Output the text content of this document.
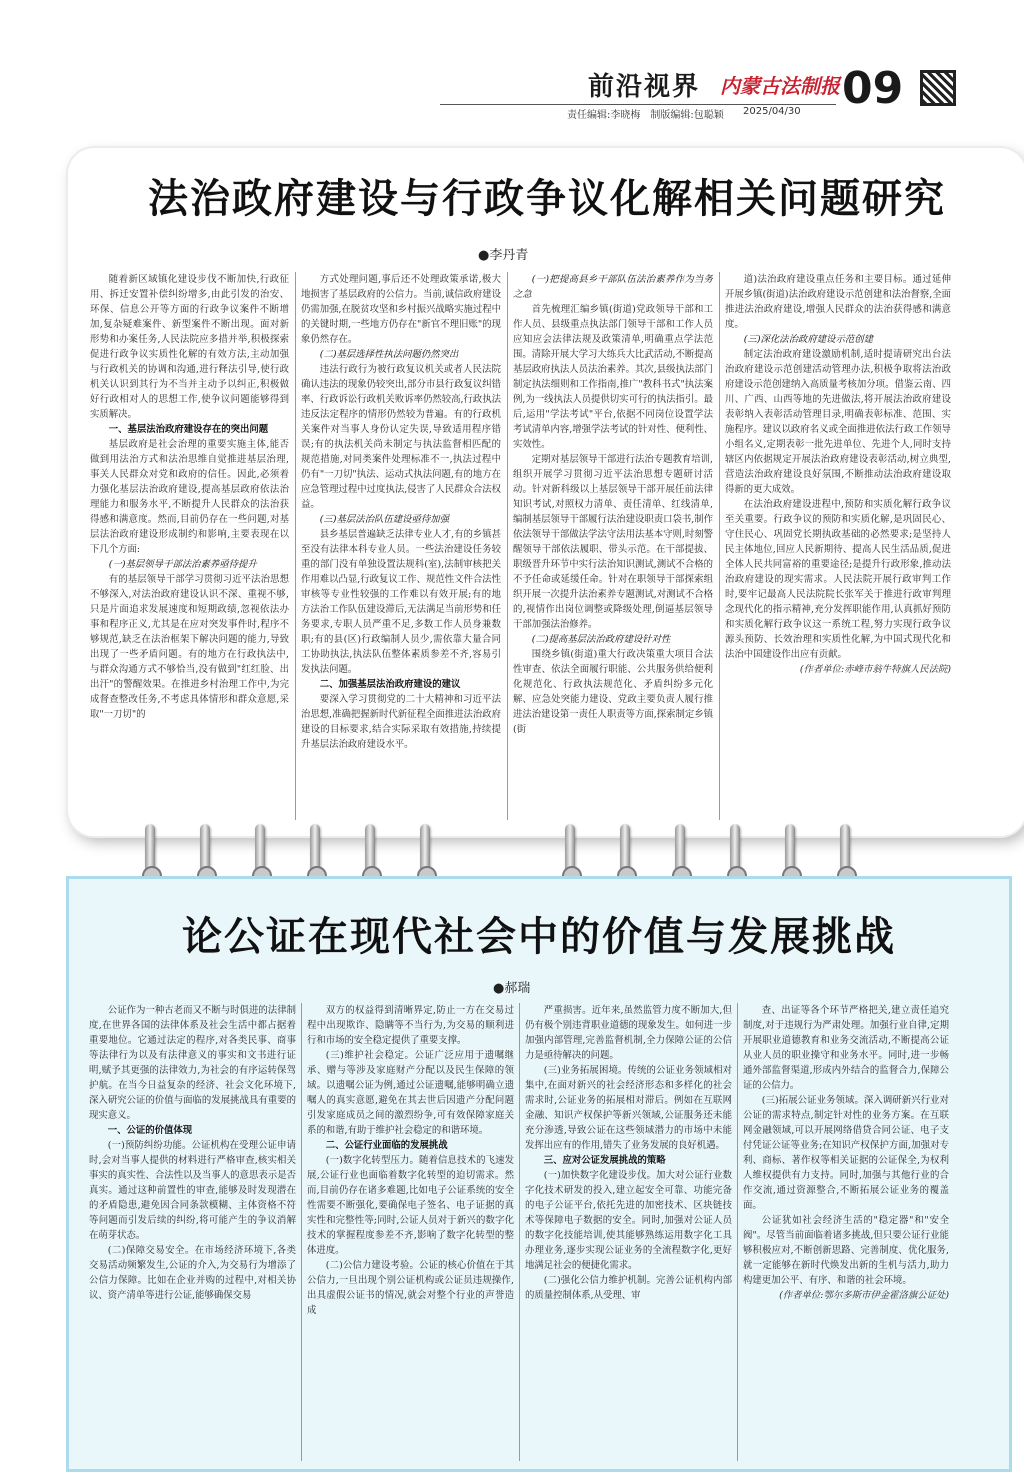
前沿视界 内蒙古法制报 09
责任编辑:李晓梅　制版编辑:包聪颖 2025/04/30
法治政府建设与行政争议化解相关问题研究
●李丹青

随着新区域镇化建设步伐不断加快,行政征用、拆迁安置补偿纠纷增多,由此引发的治安、环保、信息公开等方面的行政争议案件不断增加,复杂疑难案件、新型案件不断出现。面对新形势和办案任务,人民法院应多措并举,积极探索促进行政争议实质性化解的有效方法,主动加强与行政机关的协调和沟通,进行释法引导,使行政机关认识到其行为不当并主动予以纠正,积极做好行政相对人的思想工作,使争议问题能够得到实质解决。

一、基层法治政府建设存在的突出问题

基层政府是社会治理的重要实施主体,能否做到用法治方式和法治思维自觉推进基层治理,事关人民群众对党和政府的信任。因此,必须着力强化基层法治政府建设,提高基层政府依法治理能力和服务水平,不断提升人民群众的法治获得感和满意度。然而,目前仍存在一些问题,对基层法治政府建设形成制约和影响,主要表现在以下几个方面:

(一)基层领导干部法治素养亟待提升

有的基层领导干部学习贯彻习近平法治思想不够深入,对法治政府建设认识不深、重视不够,只是片面追求发展速度和短期政绩,忽视依法办事和程序正义,尤其是在应对突发事件时,程序不够规范,缺乏在法治框架下解决问题的能力,导致出现了一些矛盾问题。有的地方在行政执法中,与群众沟通方式不够恰当,没有做到"红红脸、出出汗"的警醒效果。在推进乡村治理工作中,为完成督查整改任务,不考虑具体情形和群众意愿,采取"一刀切"的

方式处理问题,事后还不处理政策承诺,极大地损害了基层政府的公信力。当前,诚信政府建设仍需加强,在脱贫攻坚和乡村振兴战略实施过程中的关键时期,一些地方仍存在"新官不理旧账"的现象仍然存在。

(二)基层选择性执法问题仍然突出

违法行政行为被行政复议机关或者人民法院确认违法的现象仍较突出,部分市县行政复议纠错率、行政诉讼行政机关败诉率仍然较高,行政执法违反法定程序的情形仍然较为普遍。有的行政机关案件对当事人身份认定失误,导致适用程序错误;有的执法机关尚未制定与执法监督相匹配的规范措施,对同类案件处理标准不一,执法过程中仍有"一刀切"执法、运动式执法问题,有的地方在应急管理过程中过度执法,侵害了人民群众合法权益。

(三)基层法治队伍建设亟待加强

县乡基层普遍缺乏法律专业人才,有的乡镇甚至没有法律本科专业人员。一些法治建设任务较重的部门没有单独设置法规科(室),法制审核把关作用难以凸显,行政复议工作、规范性文件合法性审核等专业性较强的工作难以有效开展;有的地方法治工作队伍建设滞后,无法满足当前形势和任务要求,专职人员严重不足,多数工作人员身兼数职;有的县(区)行政编制人员少,需依靠大量合同工协助执法,执法队伍整体素质参差不齐,容易引发执法问题。

二、加强基层法治政府建设的建议

要深入学习贯彻党的二十大精神和习近平法治思想,准确把握新时代新征程全面推进法治政府建设的目标要求,结合实际采取有效措施,持续提升基层法治政府建设水平。

(一)把提高县乡干部队伍法治素养作为当务之急

首先梳理汇编乡镇(街道)党政领导干部和工作人员、县级重点执法部门领导干部和工作人员应知应会法律法规及政策清单,明确重点学法范围。清除开展大学习大练兵大比武活动,不断提高基层政府执法人员法治素养。其次,县级执法部门制定执法细则和工作指南,推广"教科书式"执法案例,为一线执法人员提供切实可行的执法指引。最后,运用"学法考试"平台,依据不同岗位设置学法考试清单内容,增强学法考试的针对性、便利性、实效性。

定期对基层领导干部进行法治专题教育培训,组织开展学习贯彻习近平法治思想专题研讨活动。针对新科级以上基层领导干部开展任前法律知识考试,对照权力清单、责任清单、红线清单,编制基层领导干部履行法治建设职责口袋书,制作依法领导干部做法学法守法用法基本守则,时刻警醒领导干部依法履职、带头示范。在干部提拔、职级晋升环节中实行法治知识测试,测试不合格的不予任命或延缓任命。针对在职领导干部探索组织开展一次提升法治素养专题测试,对测试不合格的,视情作出岗位调整或降级处理,倒逼基层领导干部加强法治修养。

(二)提高基层法治政府建设针对性

围绕乡镇(街道)重大行政决策重大项目合法性审查、依法全面履行职能、公共服务供给便利化规范化、行政执法规范化、矛盾纠纷多元化解、应急处突能力建设、党政主要负责人履行推进法治建设第一责任人职责等方面,探索制定乡镇(街

道)法治政府建设重点任务和主要目标。通过延伸开展乡镇(街道)法治政府建设示范创建和法治督察,全面推进法治政府建设,增强人民群众的法治获得感和满意度。

(三)深化法治政府建设示范创建

制定法治政府建设激励机制,适时提请研究出台法治政府建设示范创建活动管理办法,积极争取将法治政府建设示范创建纳入高质量考核加分项。借鉴云南、四川、广西、山西等地的先进做法,将开展法治政府建设表彰纳入表彰活动管理目录,明确表彰标准、范围、实施程序。建议以政府名义或全面推进依法行政工作领导小组名义,定期表彰一批先进单位、先进个人,同时支持辖区内依据规定开展法治政府建设表彰活动,树立典型,营造法治政府建设良好氛围,不断推动法治政府建设取得新的更大成效。

在法治政府建设进程中,预防和实质化解行政争议至关重要。行政争议的预防和实质化解,是巩固民心、守住民心、巩固党长期执政基础的必然要求;是坚持人民主体地位,回应人民新期待、提高人民生活品质,促进全体人民共同富裕的重要途径;是提升行政形象,推动法治政府建设的现实需求。人民法院开展行政审判工作时,要牢记最高人民法院院长张军关于推进行政审判理念现代化的指示精神,充分发挥职能作用,认真抓好预防和实质化解行政争议这一系统工程,努力实现行政争议源头预防、长效治理和实质性化解,为中国式现代化和法治中国建设作出应有贡献。

(作者单位:赤峰市翁牛特旗人民法院)

论公证在现代社会中的价值与发展挑战
●郝瑞

公证作为一种古老而又不断与时俱进的法律制度,在世界各国的法律体系及社会生活中都占据着重要地位。它通过法定的程序,对各类民事、商事等法律行为以及有法律意义的事实和文书进行证明,赋予其更强的法律效力,为社会的有序运转保驾护航。在当今日益复杂的经济、社会文化环境下,深入研究公证的价值与面临的发展挑战具有重要的现实意义。

一、公证的价值体现

(一)预防纠纷功能。公证机构在受理公证申请时,会对当事人提供的材料进行严格审查,核实相关事实的真实性、合法性以及当事人的意思表示是否真实。通过这种前置性的审查,能够及时发现潜在的矛盾隐患,避免因合同条款模糊、主体资格不符等问题而引发后续的纠纷,将可能产生的争议消解在萌芽状态。

(二)保障交易安全。在市场经济环境下,各类交易活动频繁发生,公证的介入,为交易行为增添了公信力保障。比如在企业并购的过程中,对相关协议、资产清单等进行公证,能够确保交易

双方的权益得到清晰界定,防止一方在交易过程中出现欺诈、隐瞒等不当行为,为交易的顺利进行和市场的安全稳定提供了重要支撑。

(三)维护社会稳定。公证广泛应用于遗嘱继承、赠与等涉及家庭财产分配以及民生保障的领域。以遗嘱公证为例,通过公证遗嘱,能够明确立遗嘱人的真实意愿,避免在其去世后因遗产分配问题引发家庭成员之间的激烈纷争,可有效保障家庭关系的和谐,有助于维护社会稳定的和谐环境。

二、公证行业面临的发展挑战

(一)数字化转型压力。随着信息技术的飞速发展,公证行业也面临着数字化转型的迫切需求。然而,目前仍存在诸多难题,比如电子公证系统的安全性需要不断强化,要确保电子签名、电子证据的真实性和完整性等;同时,公证人员对于新兴的数字化技术的掌握程度参差不齐,影响了数字化转型的整体进度。

(二)公信力建设考验。公证的核心价值在于其公信力,一旦出现个别公证机构或公证员违规操作,出具虚假公证书的情况,就会对整个行业的声誉造成

严重损害。近年来,虽然监管力度不断加大,但仍有极个别违背职业道德的现象发生。如何进一步加强内部管理,完善监督机制,全力保障公证的公信力是亟待解决的问题。

(三)业务拓展困境。传统的公证业务领域相对集中,在面对新兴的社会经济形态和多样化的社会需求时,公证业务的拓展相对滞后。例如在互联网金融、知识产权保护等新兴领域,公证服务还未能充分渗透,导致公证在这些领域潜力的市场中未能发挥出应有的作用,错失了业务发展的良好机遇。

三、应对公证发展挑战的策略

(一)加快数字化建设步伐。加大对公证行业数字化技术研发的投入,建立起安全可靠、功能完备的电子公证平台,依托先进的加密技术、区块链技术等保障电子数据的安全。同时,加强对公证人员的数字化技能培训,使其能够熟练运用数字化工具办理业务,逐步实现公证业务的全流程数字化,更好地满足社会的便捷化需求。

(二)强化公信力维护机制。完善公证机构内部的质量控制体系,从受理、审

查、出证等各个环节严格把关,建立责任追究制度,对于违规行为严肃处理。加强行业自律,定期开展职业道德教育和业务交流活动,不断提高公证从业人员的职业操守和业务水平。同时,进一步畅通外部监督渠道,形成内外结合的监督合力,保障公证的公信力。

(三)拓展公证业务领域。深入调研新兴行业对公证的需求特点,制定针对性的业务方案。在互联网金融领域,可以开展网络借贷合同公证、电子支付凭证公证等业务;在知识产权保护方面,加强对专利、商标、著作权等相关证据的公证保全,为权利人维权提供有力支持。同时,加强与其他行业的合作交流,通过资源整合,不断拓展公证业务的覆盖面。

公证犹如社会经济生活的"稳定器"和"安全阀"。尽管当前面临着诸多挑战,但只要公证行业能够积极应对,不断创新思路、完善制度、优化服务,就一定能够在新时代焕发出新的生机与活力,助力构建更加公平、有序、和谐的社会环境。

(作者单位:鄂尔多斯市伊金霍洛旗公证处)
